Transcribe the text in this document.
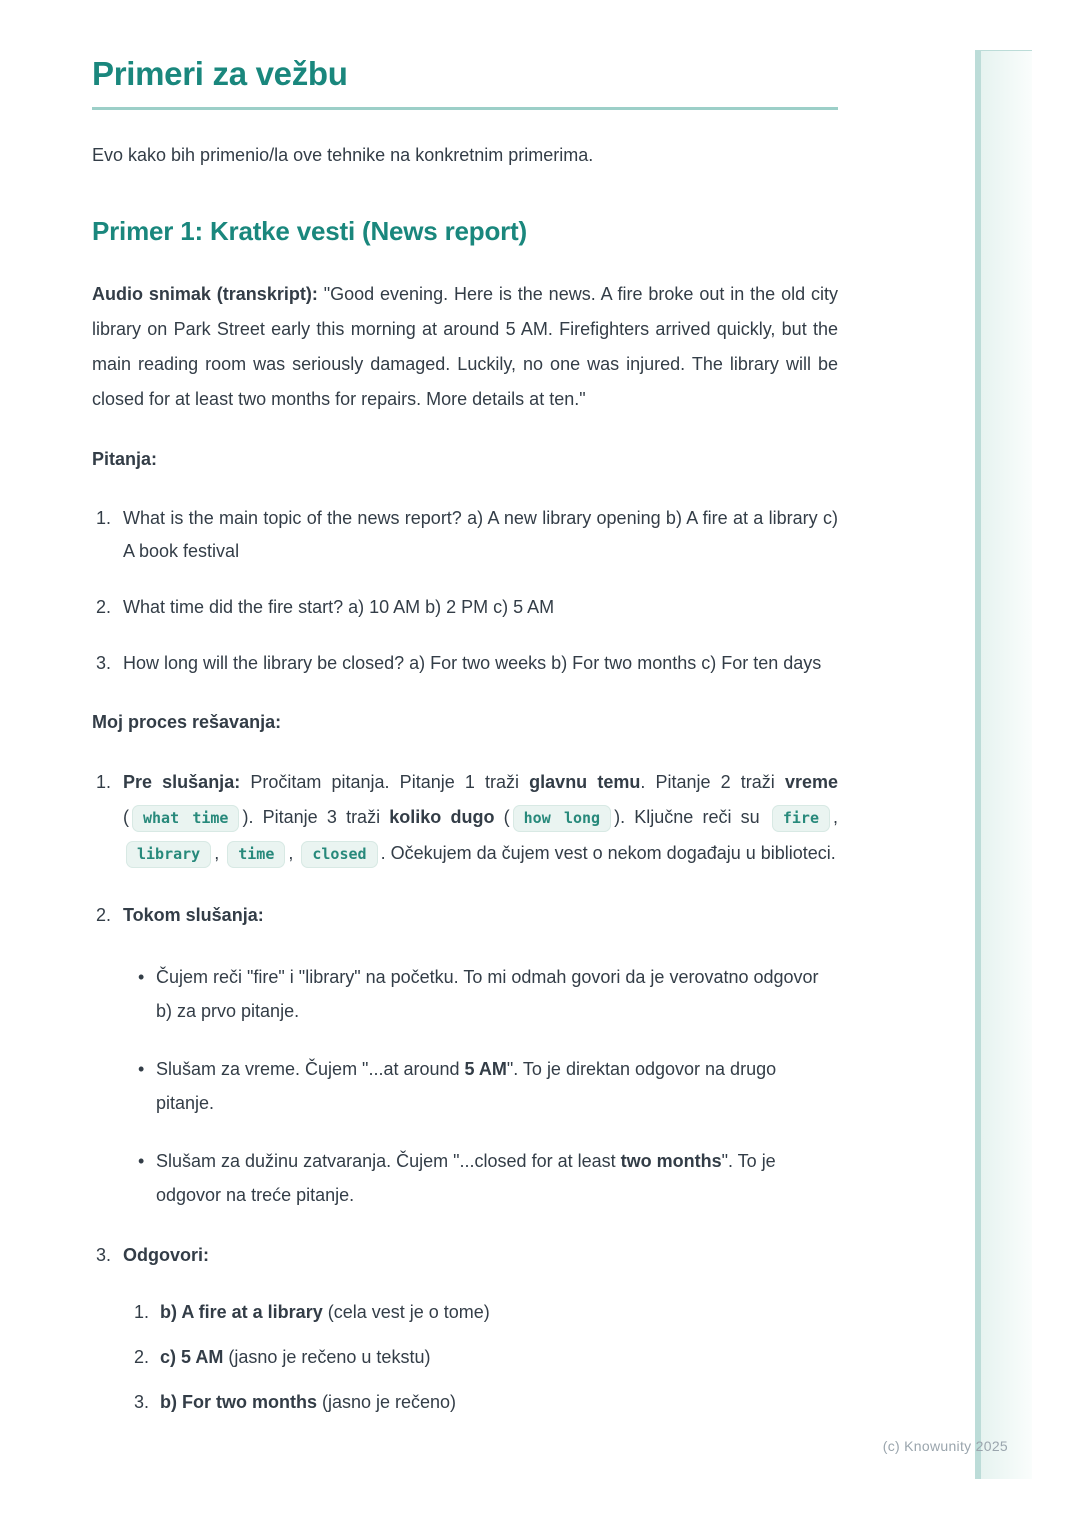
Primeri za vežbu

Evo kako bih primenio/la ove tehnike na konkretnim primerima.

Primer 1: Kratke vesti (News report)

Audio snimak (transkript): "Good evening. Here is the news. A fire broke out in the old city library on Park Street early this morning at around 5 AM. Firefighters arrived quickly, but the main reading room was seriously damaged. Luckily, no one was injured. The library will be closed for at least two months for repairs. More details at ten."

Pitanja:

What is the main topic of the news report? a) A new library opening b) A fire at a library c) A book festival
What time did the fire start? a) 10 AM b) 2 PM c) 5 AM
How long will the library be closed? a) For two weeks b) For two months c) For ten days

Moj proces rešavanja:

Pre slušanja: Pročitam pitanja. Pitanje 1 traži glavnu temu. Pitanje 2 traži vreme ( what time ). Pitanje 3 traži koliko dugo ( how long ). Ključne reči su fire , library , time , closed . Očekujem da čujem vest o nekom događaju u biblioteci.

Tokom slušanja:

• Čujem reči "fire" i "library" na početku. To mi odmah govori da je verovatno odgovor b) za prvo pitanje.
• Slušam za vreme. Čujem "...at around 5 AM". To je direktan odgovor na drugo pitanje.
• Slušam za dužinu zatvaranja. Čujem "...closed for at least two months". To je odgovor na treće pitanje.

Odgovori:

b) A fire at a library (cela vest je o tome)
c) 5 AM (jasno je rečeno u tekstu)
b) For two months (jasno je rečeno)
(c) Knowunity 2025
